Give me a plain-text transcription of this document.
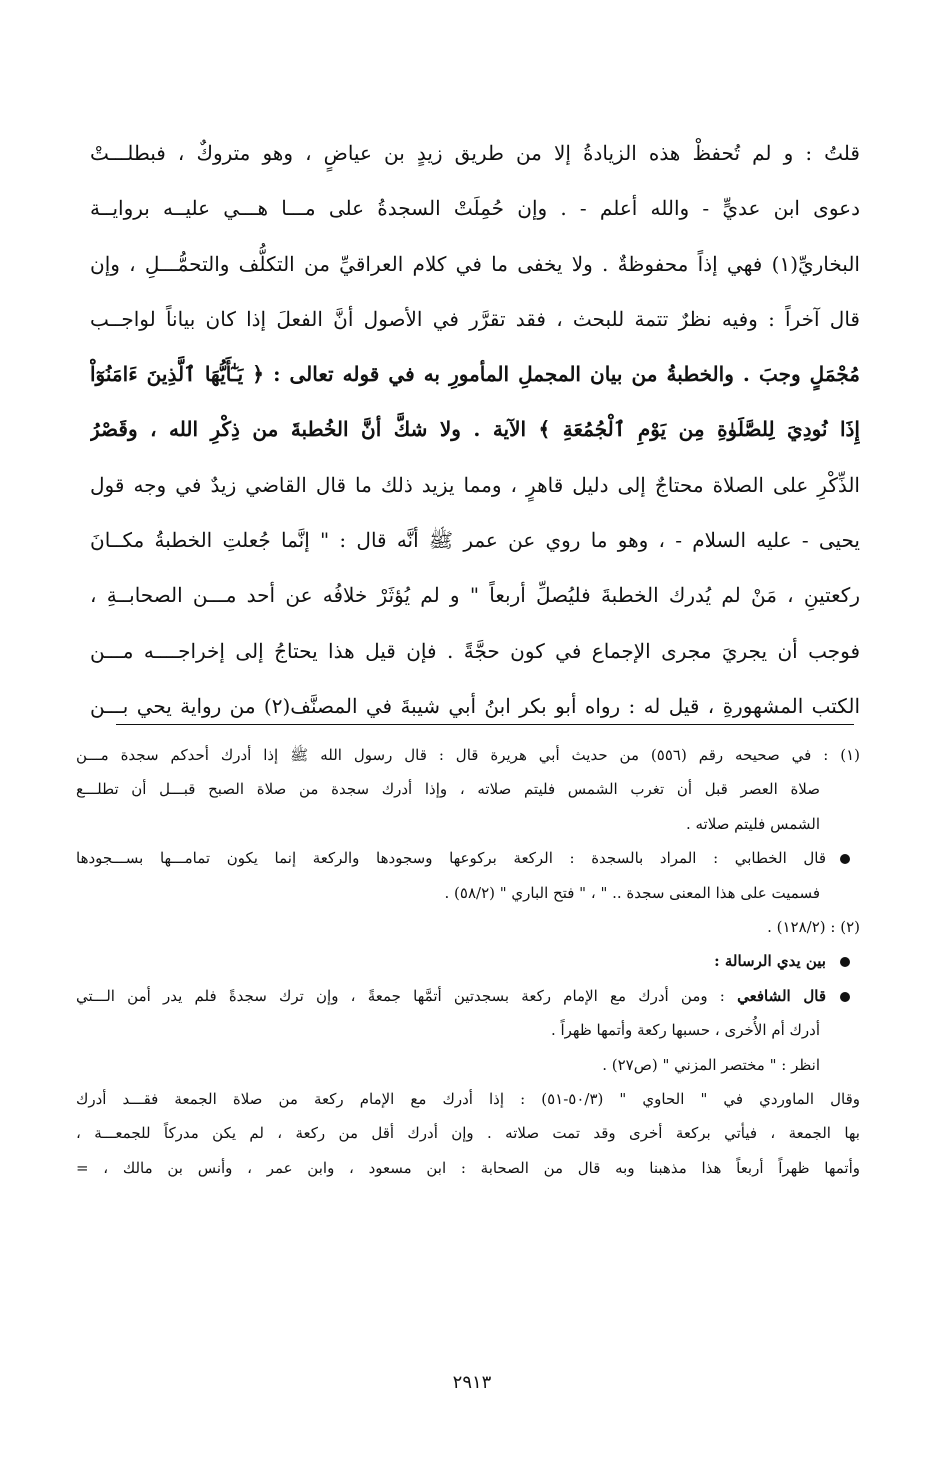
قلتُ : و لم تُحفظْ هذه الزيادةُ إلا من طريق زيدٍ بن عياضٍ ، وهو متروكٌ ، فبطلـــتْ

دعوى ابن عديٍّ - والله أعلم - . وإن حُمِلَتْ السجدةُ على مـــا هـــي عليــه بروايــة

البخاريِّ(١) فهي إذاً محفوظةٌ . ولا يخفى ما في كلام العراقيِّ من التكلُّف والتحمُّـــلِ ، وإن

قال آخراً : وفيه نظرٌ تتمة للبحث ، فقد تقرَّر في الأصول أنَّ الفعلَ إذا كان بياناً لواجــب

مُجْمَلٍ وجبَ . والخطبةُ من بيان المجملِ المأمورِ به في قوله تعالى : ﴿ يَـٰٓأَيُّهَا ٱلَّذِينَ ءَامَنُوٓاْ

إِذَا نُودِيَ لِلصَّلَوٰةِ مِن يَوْمِ ٱلْجُمُعَةِ ﴾ الآية . ولا شكَّ أنَّ الخُطبةَ من ذِكْرِ الله ، وقَصْرُ

الذِّكْرِ على الصلاة محتاجٌ إلى دليل قاهرٍ ، ومما يزيد ذلك ما قال القاضي زيدٌ في وجه قول

يحيى - عليه السلام - ، وهو ما روي عن عمر ﷺ أنَّه قال : " إنَّما جُعلتِ الخطبةُ مكــانَ

ركعتينِ ، مَنْ لم يُدرك الخطبةَ فليُصلِّ أربعاً " و لم يُؤثَرْ خلافُه عن أحد مـــن الصحابــةِ ،

فوجب أن يجريَ مجرى الإجماع في كون حجَّةً . فإن قيل هذا يحتاجُ إلى إخراجــــه مـــن

الكتب المشهورةِ ، قيل له : رواه أبو بكر ابنُ أبي شيبةَ في المصنَّف(٢) من رواية يحي بـــن

(١) : في صحيحه رقم (٥٥٦) من حديث أبي هريرة قال : قال رسول الله ﷺ إذا أدرك أحدكم سجدة مـــن
صلاة العصر قبل أن تغرب الشمس فليتم صلاته ، وإذا أدرك سجدة من صلاة الصبح قبـــل أن تطلـــع
الشمس فليتم صلاته .
قال الخطابي : المراد بالسجدة : الركعة بركوعها وسجودها والركعة إنما يكون تمامـــها بســـجودها
فسميت على هذا المعنى سجدة .. " ، " فتح الباري " (٥٨/٢) .
(٢) : (١٢٨/٢) .
بين يدي الرسالة :
قال الشافعي : ومن أدرك مع الإمام ركعة بسجدتين أتمَّها جمعةً ، وإن ترك سجدةً فلم يدر أمن الـــتي
أدرك أم الأُخرى ، حسبها ركعة وأتمها ظهراً .
انظر : " مختصر المزني " (ص٢٧) .
وقال الماوردي في " الحاوي " (٥٠/٣-٥١) : إذا أدرك مع الإمام ركعة من صلاة الجمعة فقـــد أدرك
بها الجمعة ، فيأتي بركعة أخرى وقد تمت صلاته . وإن أدرك أقل من ركعة ، لم يكن مدركاً للجمعـــة ،
وأتمها ظهراً أربعاً هذا مذهبنا وبه قال من الصحابة : ابن مسعود ، وابن عمر ، وأنس بن مالك ، =
٢٩١٣
